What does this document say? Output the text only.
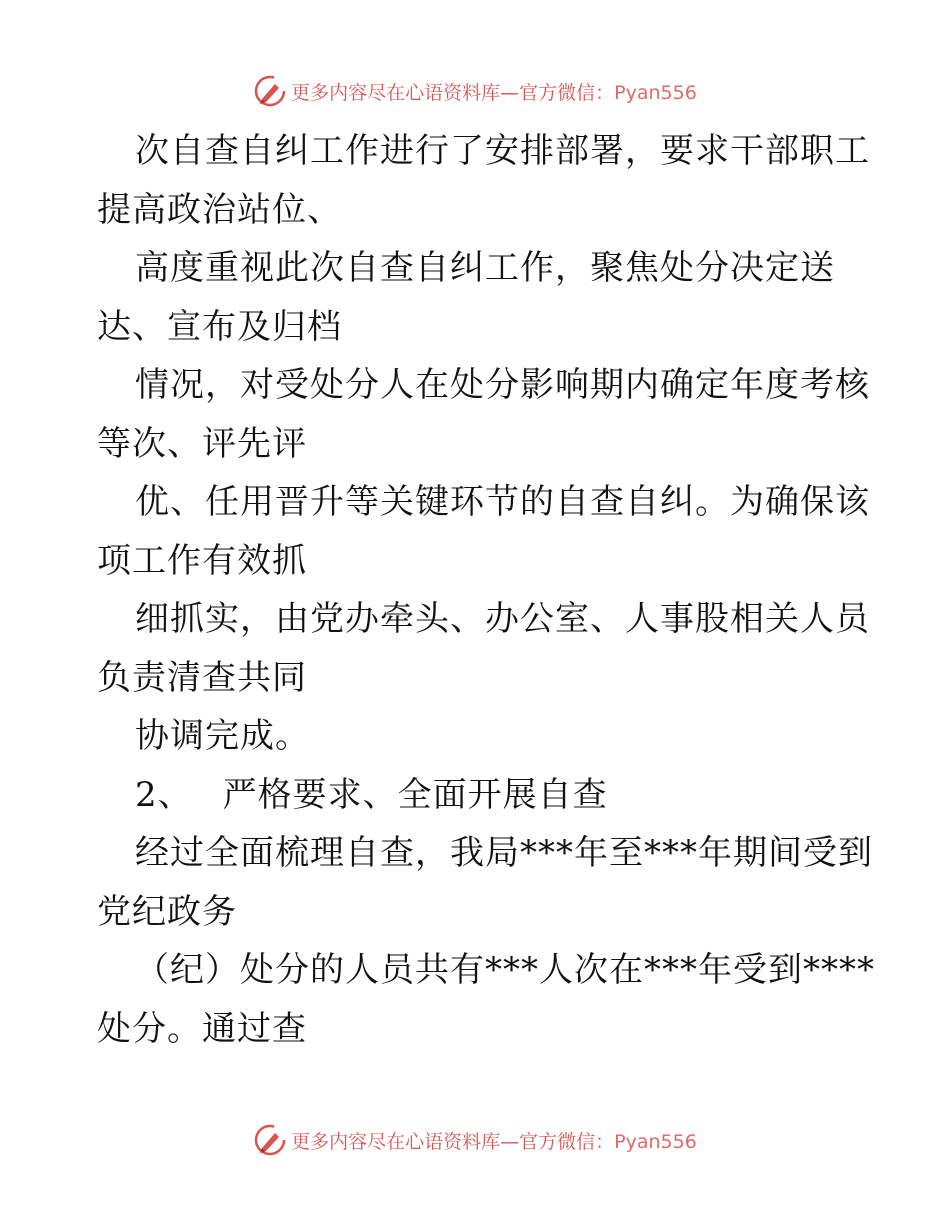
更多内容尽在心语资料库—官方微信：Pyan556
次自查自纠工作进行了安排部署，要求干部职工
提高政治站位、
高度重视此次自查自纠工作，聚焦处分决定送
达、宣布及归档
情况，对受处分人在处分影响期内确定年度考核
等次、评先评
优、任用晋升等关键环节的自查自纠。为确保该
项工作有效抓
细抓实，由党办牵头、办公室、人事股相关人员
负责清查共同
协调完成。
2、 严格要求、全面开展自查
经过全面梳理自查，我局***年至***年期间受到
党纪政务
（纪）处分的人员共有***人次在***年受到****
处分。通过查
更多内容尽在心语资料库—官方微信：Pyan556
